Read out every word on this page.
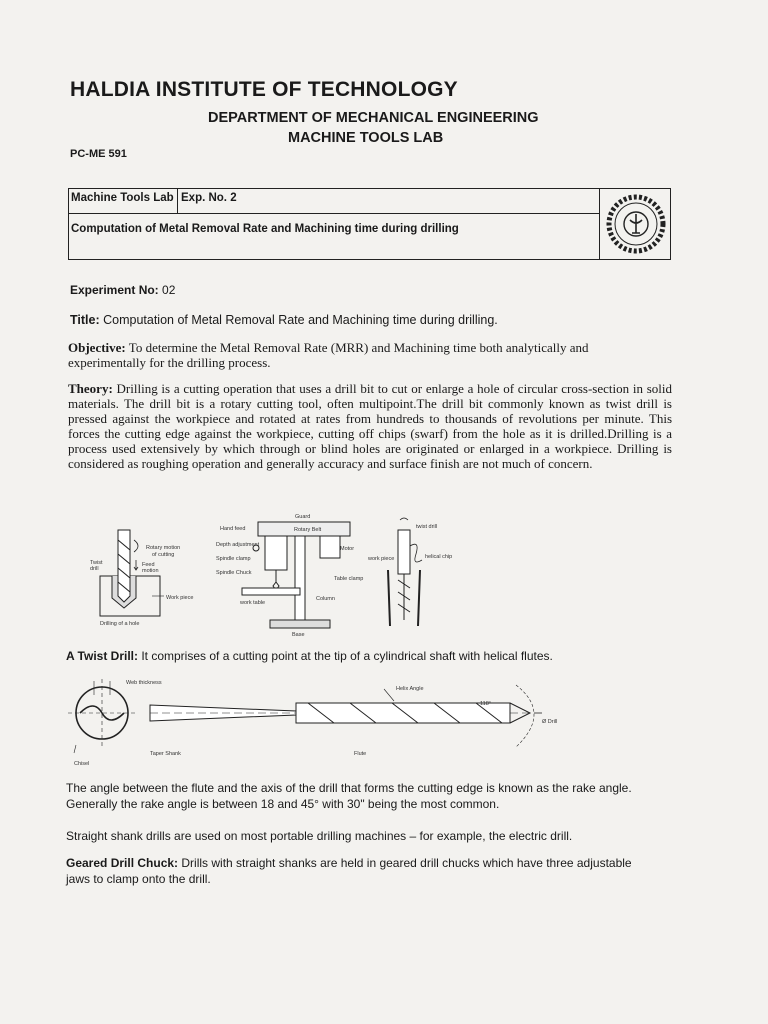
HALDIA INSTITUTE OF TECHNOLOGY
DEPARTMENT OF MECHANICAL ENGINEERING
MACHINE TOOLS LAB
PC-ME 591
Machine Tools Lab Exp. No. 2
Computation of Metal Removal Rate and Machining time during drilling
Experiment No: 02
Title: Computation of Metal Removal Rate and Machining time during drilling.
Objective: To determine the Metal Removal Rate (MRR) and Machining time both analytically and experimentally for the drilling process.
Theory: Drilling is a cutting operation that uses a drill bit to cut or enlarge a hole of circular cross-section in solid materials. The drill bit is a rotary cutting tool, often multipoint.The drill bit commonly known as twist drill is pressed against the workpiece and rotated at rates from hundreds to thousands of revolutions per minute. This forces the cutting edge against the workpiece, cutting off chips (swarf) from the hole as it is drilled.Drilling is a process used extensively by which through or blind holes are originated or enlarged in a workpiece. Drilling is considered as roughing operation and generally accuracy and surface finish are not much of concern.
Rotary motion
of cutting
Twist
drill
Feed
motion
Work piece
Drilling of a hole
Guard
Rotary Belt
Hand feed
Depth adjustment
Spindle clamp
Spindle Chuck
Motor
Table clamp
work table
Column
Base
twist drill
work piece	helical chip
A Twist Drill: It comprises of a cutting point at the tip of a cylindrical shaft with helical flutes.
Web thickness
Helix Angle
118°
Ø Drill
Taper Shank	Flute
Chisel
The angle between the flute and the axis of the drill that forms the cutting edge is known as the rake angle. Generally the rake angle is between 18 and 45° with 30" being the most common.
Straight shank drills are used on most portable drilling machines – for example, the electric drill.
Geared Drill Chuck: Drills with straight shanks are held in geared drill chucks which have three adjustable jaws to clamp onto the drill.
